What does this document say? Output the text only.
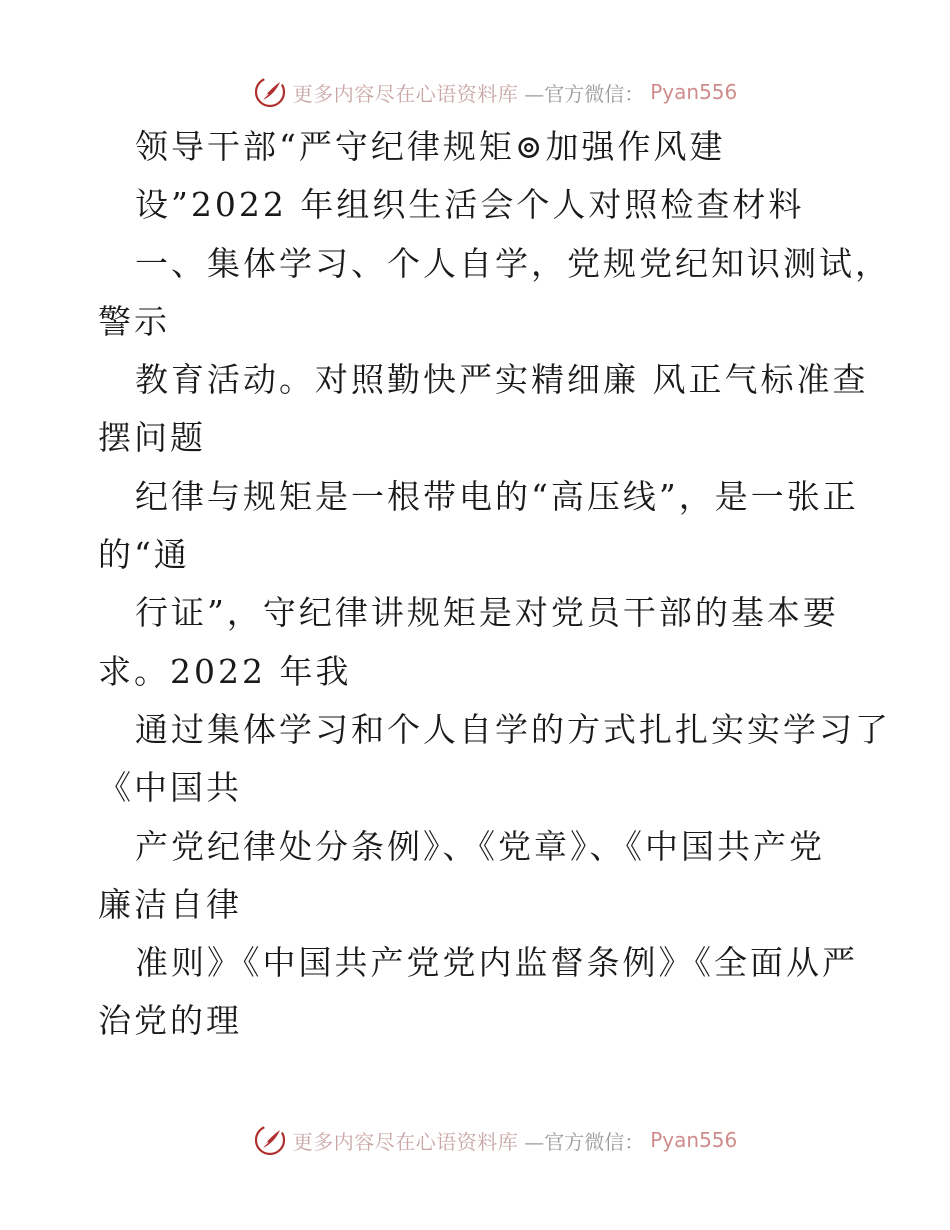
更多内容尽在心语资料库 —官方微信： Pyan556
领导干部“严守纪律规矩⊚加强作风建
设”2022 年组织生活会个人对照检查材料
一、集体学习、个人自学，党规党纪知识测试，
警示
教育活动。对照勤快严实精细廉 风正气标准查
摆问题
纪律与规矩是一根带电的“高压线”，是一张正
的“通
行证”，守纪律讲规矩是对党员干部的基本要
求。2022 年我
通过集体学习和个人自学的方式扎扎实实学习了
《中国共
产党纪律处分条例》、《党章》、《中国共产党
廉洁自律
准则》《中国共产党党内监督条例》《全面从严
治党的理
更多内容尽在心语资料库 —官方微信： Pyan556
